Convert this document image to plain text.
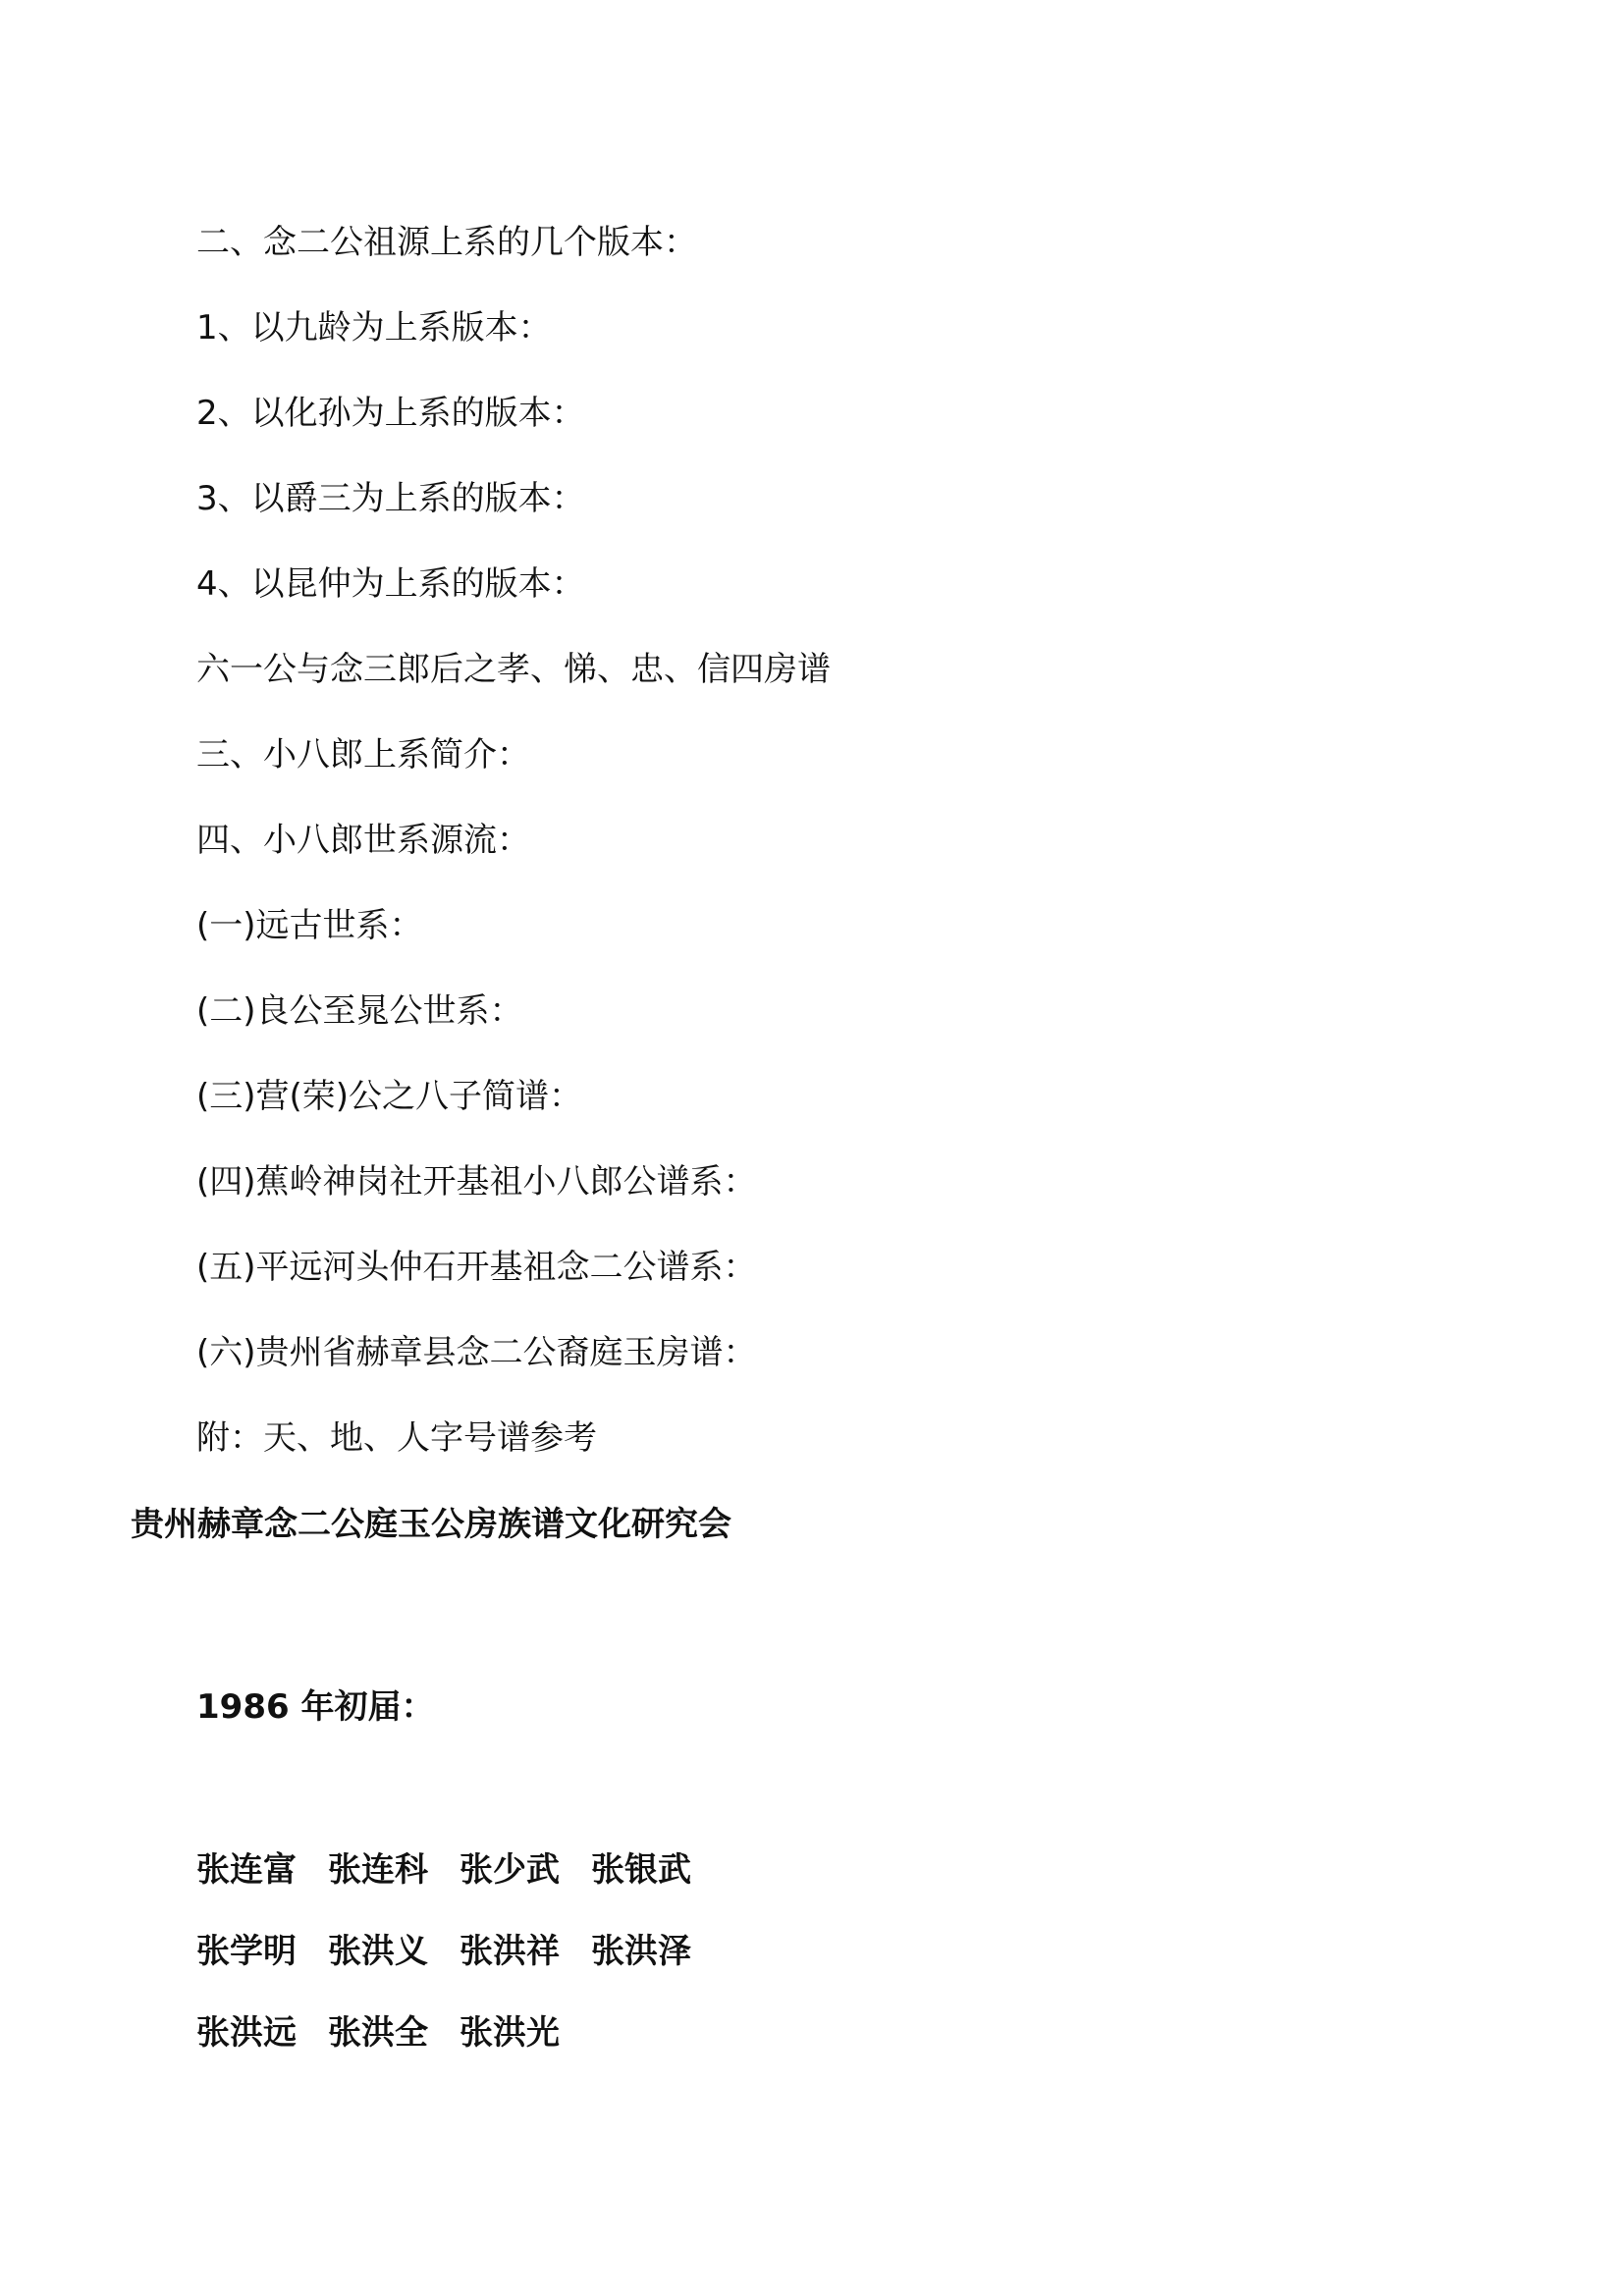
二、念二公祖源上系的几个版本：
1、以九龄为上系版本：
2、以化孙为上系的版本：
3、以爵三为上系的版本：
4、以昆仲为上系的版本：
六一公与念三郎后之孝、悌、忠、信四房谱
三、小八郎上系简介：
四、小八郎世系源流：
(一)远古世系：
(二)良公至晁公世系：
(三)营(荣)公之八子简谱：
(四)蕉岭神岗社开基祖小八郎公谱系：
(五)平远河头仲石开基祖念二公谱系：
(六)贵州省赫章县念二公裔庭玉房谱：
附：天、地、人字号谱参考
贵州赫章念二公庭玉公房族谱文化研究会
1986 年初届：
张连富 张连科 张少武 张银武
张学明 张洪义 张洪祥 张洪泽
张洪远 张洪全 张洪光
